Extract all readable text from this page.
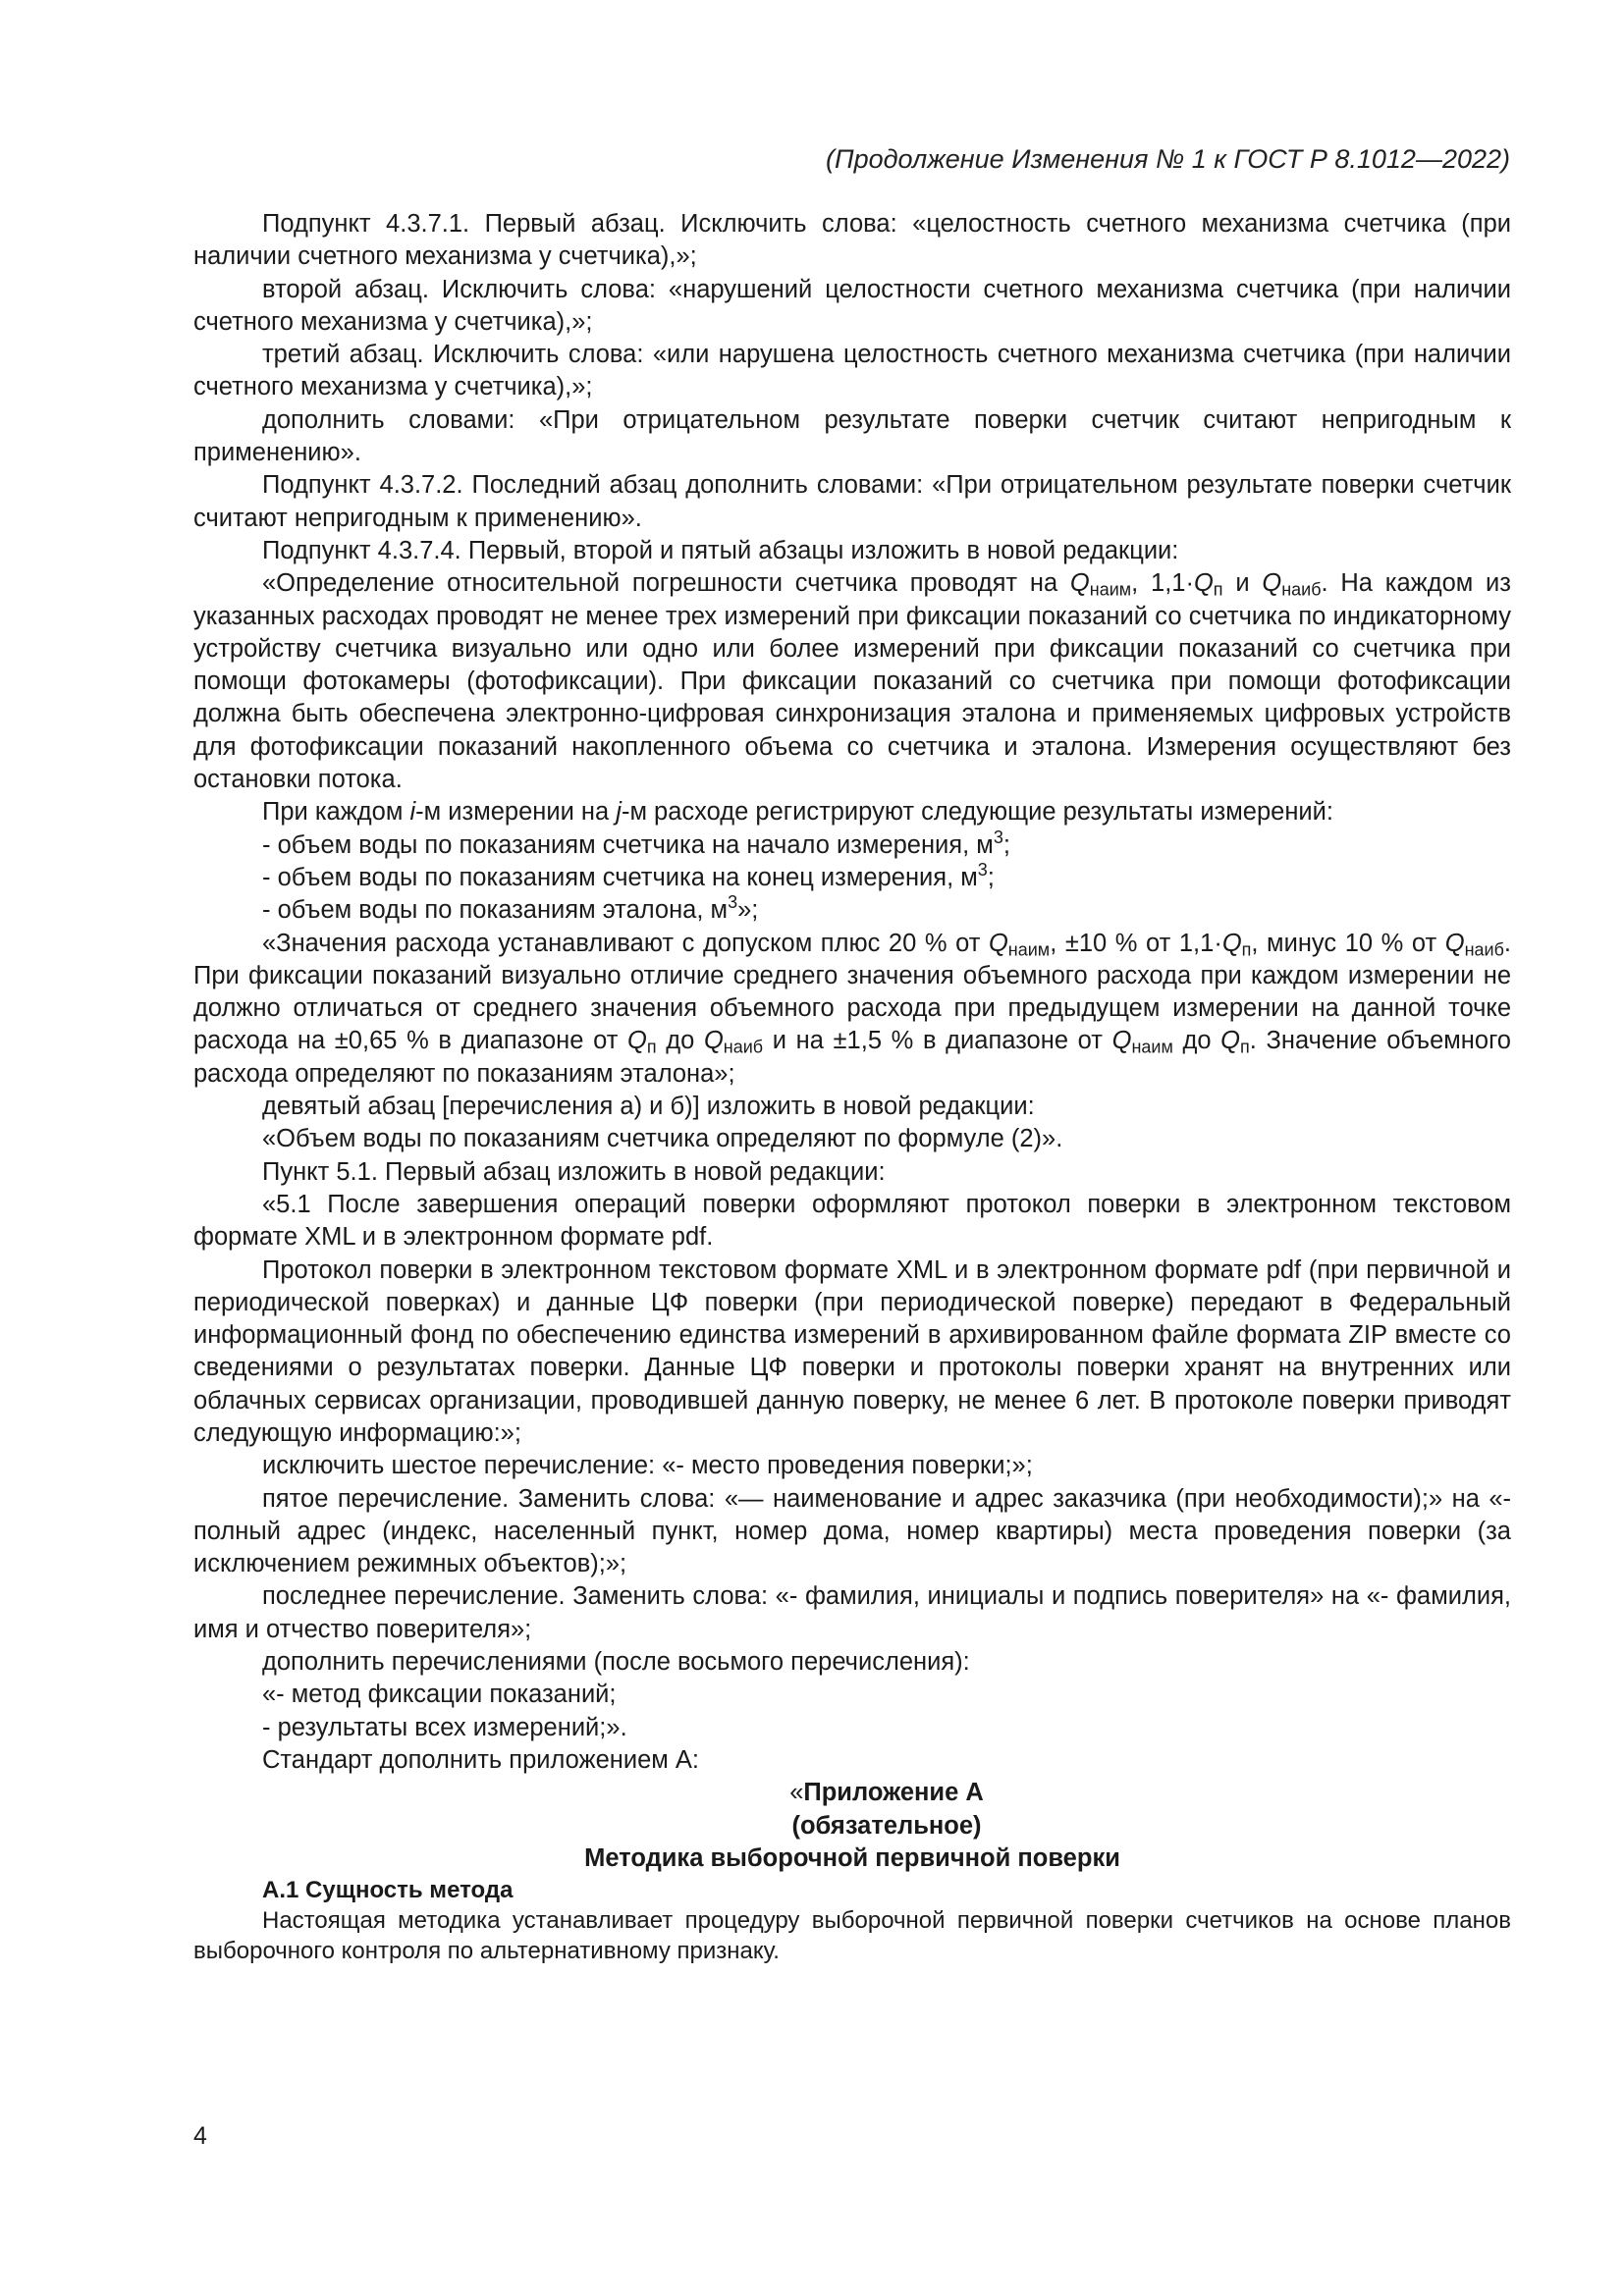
(Продолжение Изменения № 1 к ГОСТ Р 8.1012—2022)

Подпункт 4.3.7.1. Первый абзац. Исключить слова: «целостность счетного механизма счетчика (при наличии счетного механизма у счетчика),»;

второй абзац. Исключить слова: «нарушений целостности счетного механизма счетчика (при наличии счетного механизма у счетчика),»;

третий абзац. Исключить слова: «или нарушена целостность счетного механизма счетчика (при наличии счетного механизма у счетчика),»;

дополнить словами: «При отрицательном результате поверки счетчик считают непригодным к применению».

Подпункт 4.3.7.2. Последний абзац дополнить словами: «При отрицательном результате поверки счетчик считают непригодным к применению».

Подпункт 4.3.7.4. Первый, второй и пятый абзацы изложить в новой редакции:

«Определение относительной погрешности счетчика проводят на $Q_{наим}$, $1,1\cdot Q_п$ и $Q_{наиб}$. На каждом из указанных расходах проводят не менее трех измерений при фиксации показаний со счетчика по индикаторному устройству счетчика визуально или одно или более измерений при фиксации показаний со счетчика при помощи фотокамеры (фотофиксации). При фиксации показаний со счетчика при помощи фотофиксации должна быть обеспечена электронно-цифровая синхронизация эталона и применяемых цифровых устройств для фотофиксации показаний накопленного объема со счетчика и эталона. Измерения осуществляют без остановки потока.

При каждом i-м измерении на j-м расходе регистрируют следующие результаты измерений:

- объем воды по показаниям счетчика на начало измерения, $м^3$;

- объем воды по показаниям счетчика на конец измерения, $м^3$;

- объем воды по показаниям эталона, $м^3$»;

«Значения расхода устанавливают с допуском плюс 20 % от $Q_{наим}$, ±10 % от $1,1\cdot Q_п$, минус 10 % от $Q_{наиб}$. При фиксации показаний визуально отличие среднего значения объемного расхода при каждом измерении не должно отличаться от среднего значения объемного расхода при предыдущем измерении на данной точке расхода на ±0,65 % в диапазоне от $Q_п$ до $Q_{наиб}$ и на ±1,5 % в диапазоне от $Q_{наим}$ до $Q_п$. Значение объемного расхода определяют по показаниям эталона»;

девятый абзац [перечисления а) и б)] изложить в новой редакции:

«Объем воды по показаниям счетчика определяют по формуле (2)».

Пункт 5.1. Первый абзац изложить в новой редакции:

«5.1 После завершения операций поверки оформляют протокол поверки в электронном текстовом формате XML и в электронном формате pdf.

Протокол поверки в электронном текстовом формате XML и в электронном формате pdf (при первичной и периодической поверках) и данные ЦФ поверки (при периодической поверке) передают в Федеральный информационный фонд по обеспечению единства измерений в архивированном файле формата ZIP вместе со сведениями о результатах поверки. Данные ЦФ поверки и протоколы поверки хранят на внутренних или облачных сервисах организации, проводившей данную поверку, не менее 6 лет. В протоколе поверки приводят следующую информацию:»;

исключить шестое перечисление: «- место проведения поверки;»;

пятое перечисление. Заменить слова: «— наименование и адрес заказчика (при необходимости);» на «- полный адрес (индекс, населенный пункт, номер дома, номер квартиры) места проведения поверки (за исключением режимных объектов);»;

последнее перечисление. Заменить слова: «- фамилия, инициалы и подпись поверителя» на «- фамилия, имя и отчество поверителя»;

дополнить перечислениями (после восьмого перечисления):

«- метод фиксации показаний;

- результаты всех измерений;».

Стандарт дополнить приложением А:

«Приложение А

(обязательное)

Методика выборочной первичной поверки

А.1 Сущность метода

Настоящая методика устанавливает процедуру выборочной первичной поверки счетчиков на основе планов выборочного контроля по альтернативному признаку.

4
